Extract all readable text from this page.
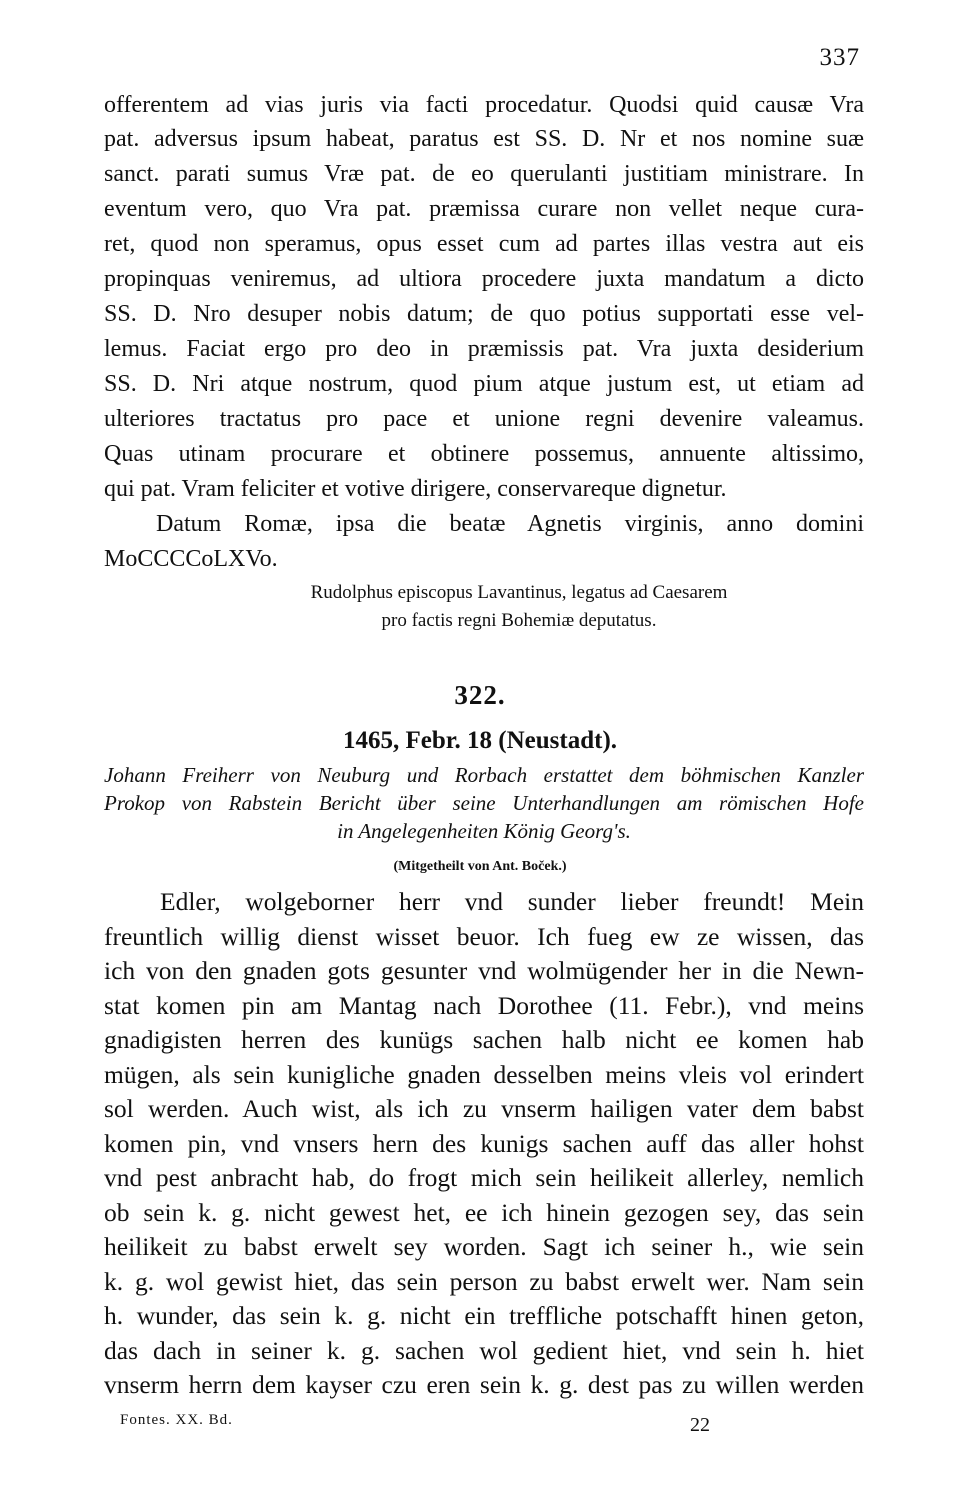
337
offerentem ad vias juris via facti procedatur. Quodsi quid causæ Vra
pat. adversus ipsum habeat, paratus est SS. D. Nr et nos nomine suæ
sanct. parati sumus Vræ pat. de eo querulanti justitiam ministrare. In
eventum vero, quo Vra pat. præmissa curare non vellet neque cura-
ret, quod non speramus, opus esset cum ad partes illas vestra aut eis
propinquas veniremus, ad ultiora procedere juxta mandatum a dicto
SS. D. Nro desuper nobis datum; de quo potius supportati esse vel-
lemus. Faciat ergo pro deo in præmissis pat. Vra juxta desiderium
SS. D. Nri atque nostrum, quod pium atque justum est, ut etiam ad
ulteriores tractatus pro pace et unione regni devenire valeamus.
Quas utinam procurare et obtinere possemus, annuente altissimo,
qui pat. Vram feliciter et votive dirigere, conservareque dignetur.
Datum Romæ, ipsa die beatæ Agnetis virginis, anno domini
MoCCCCoLXVo.
Rudolphus episcopus Lavantinus, legatus ad Caesarem
pro factis regni Bohemiæ deputatus.
322.
1465, Febr. 18 (Neustadt).
Johann Freiherr von Neuburg und Rorbach erstattet dem böhmischen Kanzler
Prokop von Rabstein Bericht über seine Unterhandlungen am römischen Hofe
in Angelegenheiten König Georg's.
(Mitgetheilt von Ant. Boček.)
Edler, wolgeborner herr vnd sunder lieber freundt! Mein
freuntlich willig dienst wisset beuor. Ich fueg ew ze wissen, das
ich von den gnaden gots gesunter vnd wolmügender her in die Newn-
stat komen pin am Mantag nach Dorothee (11. Febr.), vnd meins
gnadigisten herren des kunügs sachen halb nicht ee komen hab
mügen, als sein kunigliche gnaden desselben meins vleis vol erindert
sol werden. Auch wist, als ich zu vnserm hailigen vater dem babst
komen pin, vnd vnsers hern des kunigs sachen auff das aller hohst
vnd pest anbracht hab, do frogt mich sein heilikeit allerley, nemlich
ob sein k. g. nicht gewest het, ee ich hinein gezogen sey, das sein
heilikeit zu babst erwelt sey worden. Sagt ich seiner h., wie sein
k. g. wol gewist hiet, das sein person zu babst erwelt wer. Nam sein
h. wunder, das sein k. g. nicht ein treffliche potschafft hinen geton,
das dach in seiner k. g. sachen wol gedient hiet, vnd sein h. hiet
vnserm herrn dem kayser czu eren sein k. g. dest pas zu willen werden
Fontes. XX. Bd.	22
